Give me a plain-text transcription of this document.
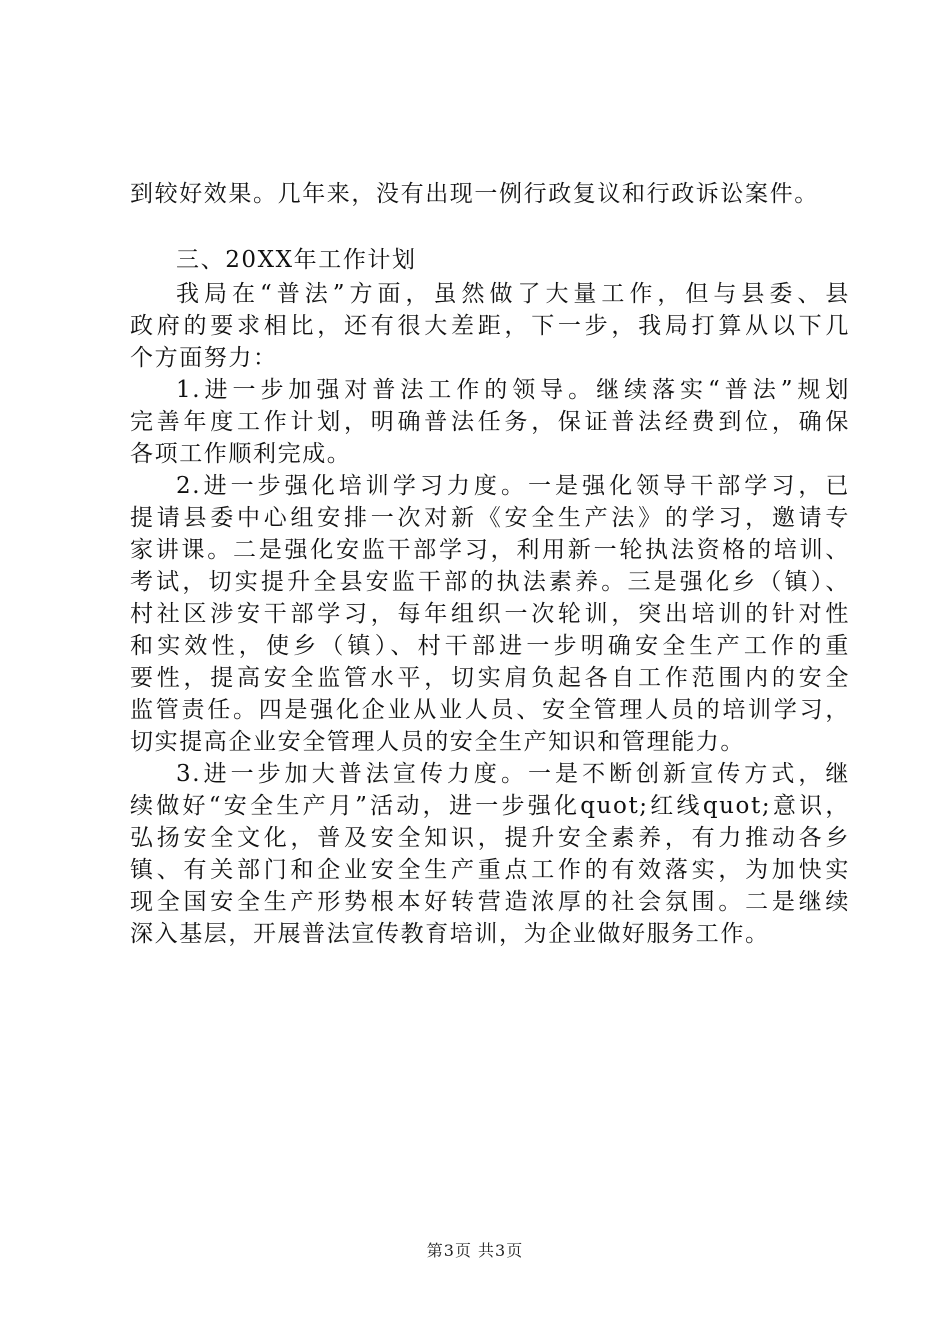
到较好效果。几年来，没有出现一例行政复议和行政诉讼案件。
三、20XX年工作计划
我局在“普法”方面，虽然做了大量工作，但与县委、县
政府的要求相比，还有很大差距，下一步，我局打算从以下几
个方面努力：
1.进一步加强对普法工作的领导。继续落实“普法”规划
完善年度工作计划，明确普法任务，保证普法经费到位，确保
各项工作顺利完成。
2.进一步强化培训学习力度。一是强化领导干部学习，已
提请县委中心组安排一次对新《安全生产法》的学习，邀请专
家讲课。二是强化安监干部学习，利用新一轮执法资格的培训、
考试，切实提升全县安监干部的执法素养。三是强化乡（镇）、
村社区涉安干部学习，每年组织一次轮训，突出培训的针对性
和实效性，使乡（镇）、村干部进一步明确安全生产工作的重
要性，提高安全监管水平，切实肩负起各自工作范围内的安全
监管责任。四是强化企业从业人员、安全管理人员的培训学习，
切实提高企业安全管理人员的安全生产知识和管理能力。
3.进一步加大普法宣传力度。一是不断创新宣传方式，继
续做好“安全生产月”活动，进一步强化quot;红线quot;意识，
弘扬安全文化，普及安全知识，提升安全素养，有力推动各乡
镇、有关部门和企业安全生产重点工作的有效落实，为加快实
现全国安全生产形势根本好转营造浓厚的社会氛围。二是继续
深入基层，开展普法宣传教育培训，为企业做好服务工作。
第3页 共3页
